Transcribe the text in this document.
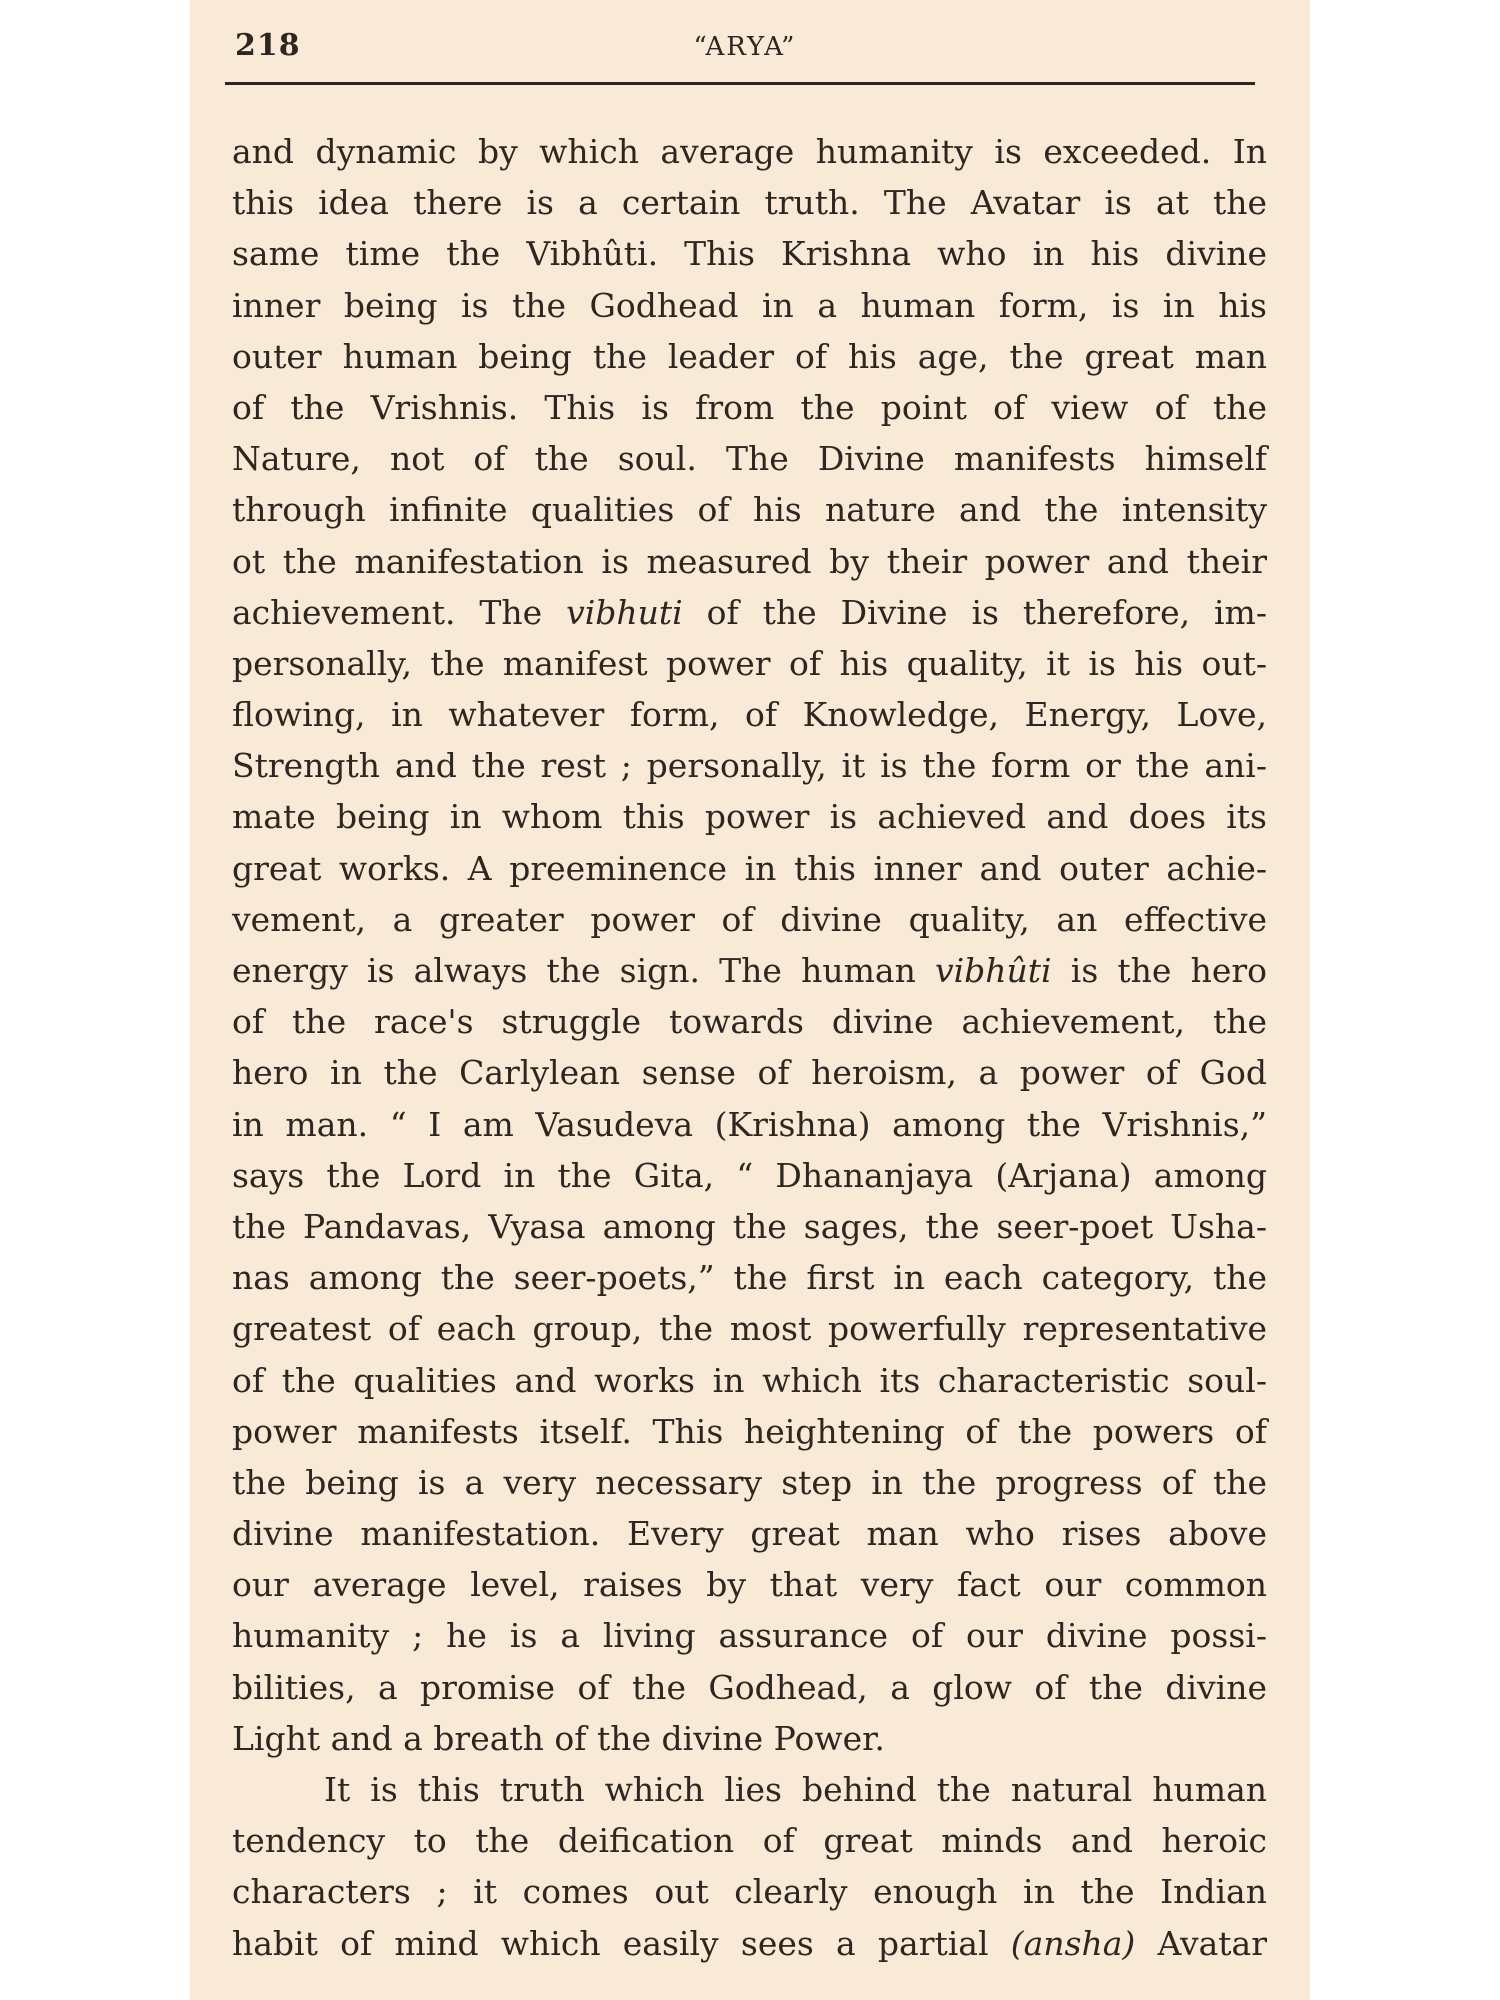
218	“ARYA”
and dynamic by which average humanity is exceeded. In
this idea there is a certain truth. The Avatar is at the
same time the Vibhûti. This Krishna who in his divine
inner being is the Godhead in a human form, is in his
outer human being the leader of his age, the great man
of the Vrishnis. This is from the point of view of the
Nature, not of the soul. The Divine manifests himself
through infinite qualities of his nature and the intensity
ot the manifestation is measured by their power and their
achievement. The vibhuti of the Divine is therefore, im-
personally, the manifest power of his quality, it is his out-
flowing, in whatever form, of Knowledge, Energy, Love,
Strength and the rest ; personally, it is the form or the ani-
mate being in whom this power is achieved and does its
great works. A preeminence in this inner and outer achie-
vement, a greater power of divine quality, an effective
energy is always the sign. The human vibhûti is the hero
of the race's struggle towards divine achievement, the
hero in the Carlylean sense of heroism, a power of God
in man. “ I am Vasudeva (Krishna) among the Vrishnis,”
says the Lord in the Gita, “ Dhananjaya (Arjana) among
the Pandavas, Vyasa among the sages, the seer-poet Usha-
nas among the seer-poets,” the first in each category, the
greatest of each group, the most powerfully representative
of the qualities and works in which its characteristic soul-
power manifests itself. This heightening of the powers of
the being is a very necessary step in the progress of the
divine manifestation. Every great man who rises above
our average level, raises by that very fact our common
humanity ; he is a living assurance of our divine possi-
bilities, a promise of the Godhead, a glow of the divine
Light and a breath of the divine Power.
It is this truth which lies behind the natural human
tendency to the deification of great minds and heroic
characters ; it comes out clearly enough in the Indian
habit of mind which easily sees a partial (ansha) Avatar
